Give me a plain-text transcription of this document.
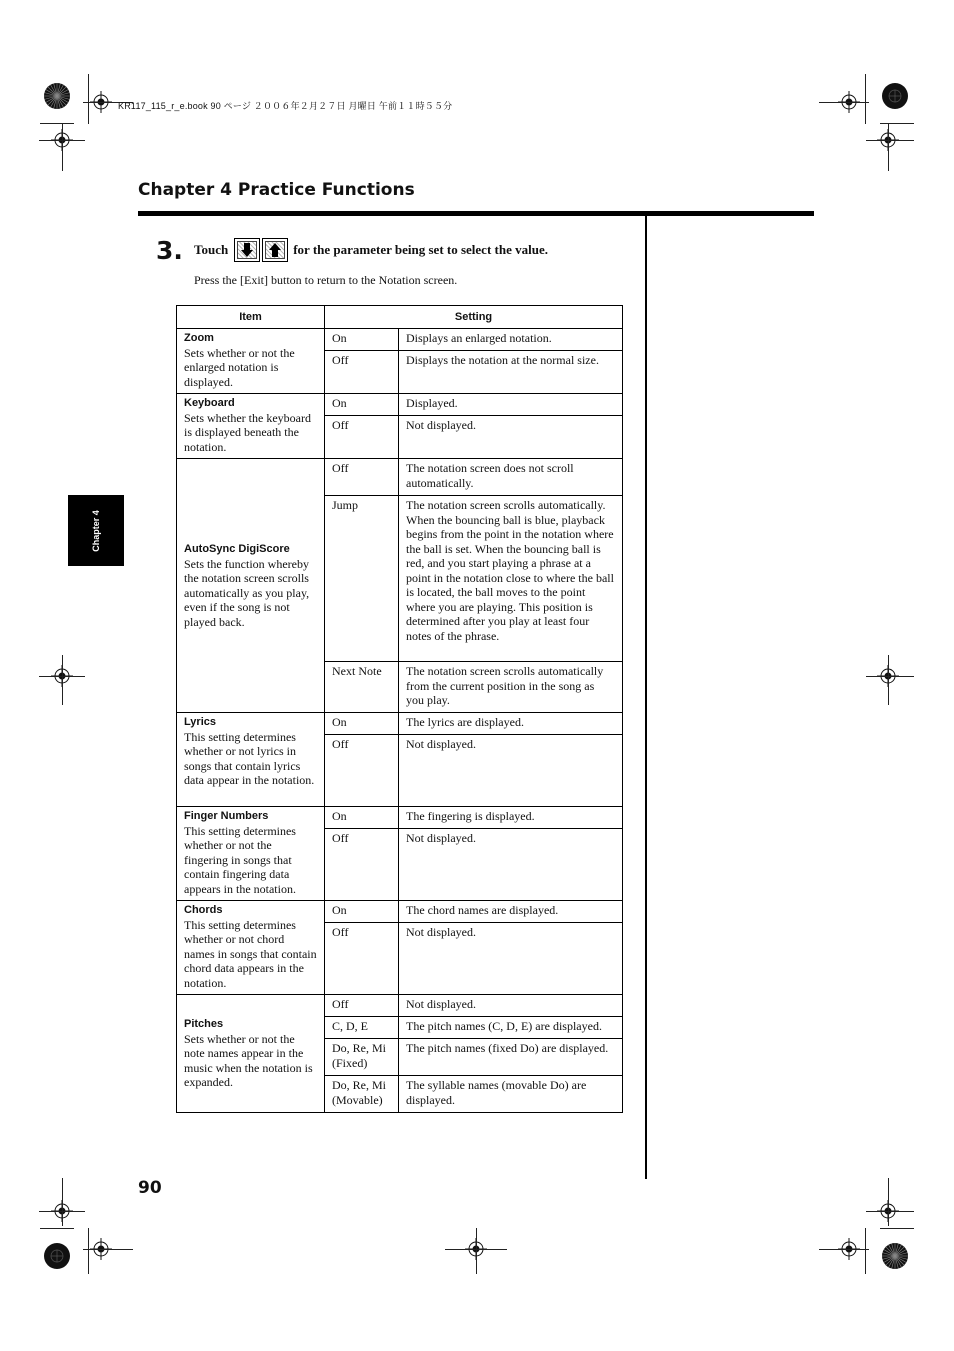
KR117_115_r_e.book 90 ページ ２００６年２月２７日 月曜日 午前１１時５５分
Chapter 4 Practice Functions
Chapter 4
3. Touch	for the parameter being set to select the value.
Press the [Exit] button to return to the Notation screen.
Item	Setting	

Zoom
Sets whether or not the enlarged notation is displayed.	On	Displays an enlarged notation.
	Off	Displays the notation at the normal size.

Keyboard
Sets whether the keyboard is displayed beneath the notation.	On	Displayed.
	Off	Not displayed.

AutoSync DigiScore
Sets the function whereby the notation screen scrolls automatically as you play, even if the song is not played back.	Off	The notation screen does not scroll automatically.
	Jump	The notation screen scrolls automatically. When the bouncing ball is blue, playback begins from the point in the notation where the ball is set. When the bouncing ball is red, and you start playing a phrase at a point in the notation close to where the ball is located, the ball moves to the point where you are playing. This position is determined after you play at least four notes of the phrase.
	Next Note	The notation screen scrolls automatically from the current position in the song as you play.

Lyrics
This setting determines whether or not lyrics in songs that contain lyrics data appear in the notation.	On	The lyrics are displayed.
	Off	Not displayed.

Finger Numbers
This setting determines whether or not the fingering in songs that contain fingering data appears in the notation.	On	The fingering is displayed.
	Off	Not displayed.

Chords
This setting determines whether or not chord names in songs that contain chord data appears in the notation.	On	The chord names are displayed.
	Off	Not displayed.

Pitches
Sets whether or not the note names appear in the music when the notation is expanded.	Off	Not displayed.
	C, D, E	The pitch names (C, D, E) are displayed.
	Do, Re, Mi (Fixed)	The pitch names (fixed Do) are displayed.
	Do, Re, Mi (Movable)	The syllable names (movable Do) are displayed.
90
